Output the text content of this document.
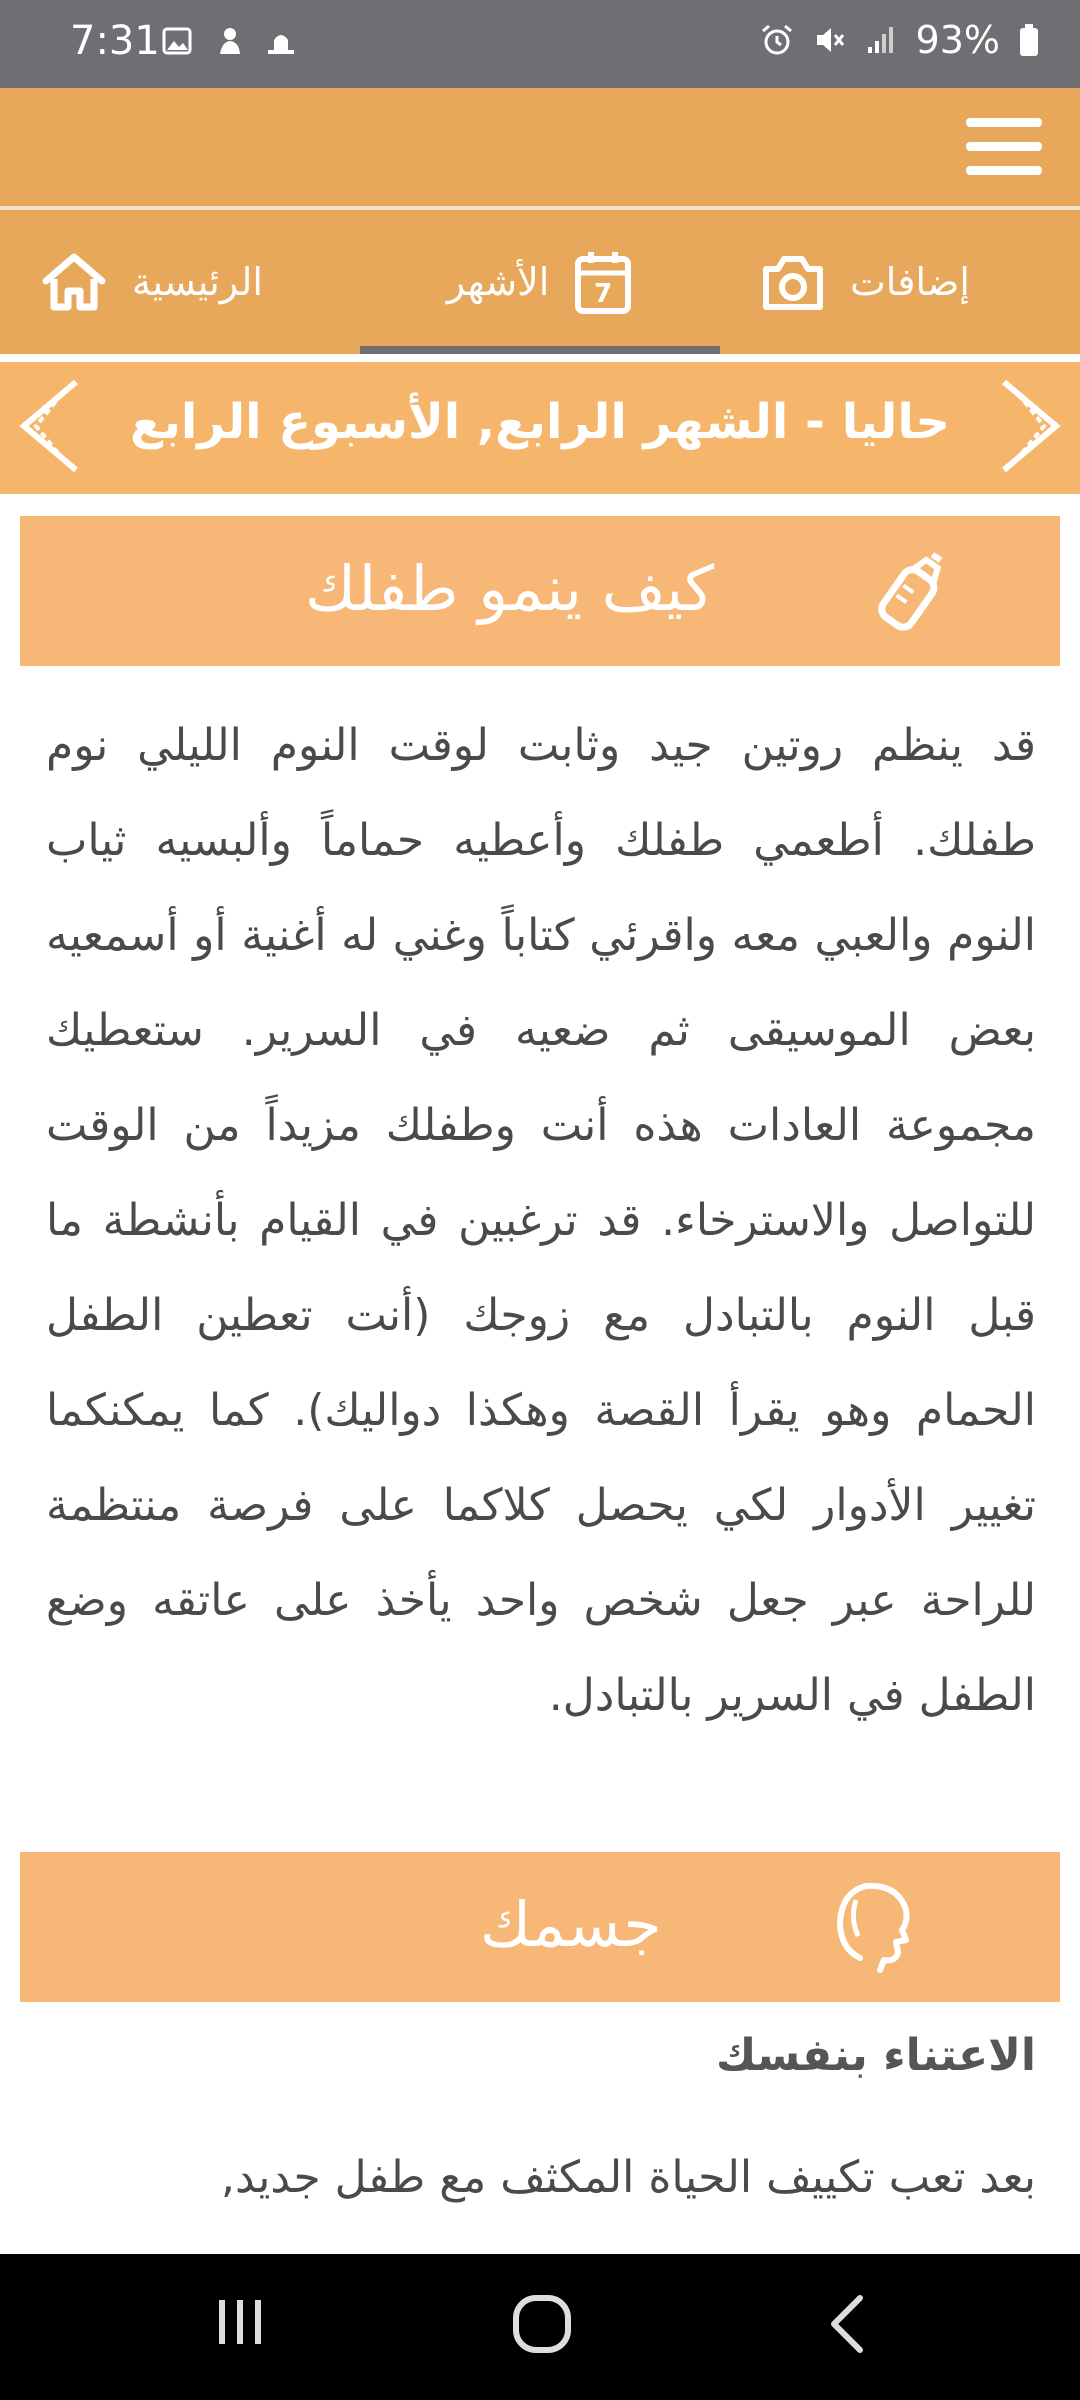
7:31	93%
إضافات
الأشهر 7
الرئيسية
حاليا - الشهر الرابع, الأسبوع الرابع
كيف ينمو طفلك
قد ينظم روتين جيد وثابت لوقت النوم الليلي نوم طفلك. أطعمي طفلك وأعطيه حماماً وألبسيه ثياب النوم والعبي معه واقرئي كتاباً وغني له أغنية أو أسمعيه بعض الموسيقى ثم ضعيه في السرير. ستعطيك مجموعة العادات هذه أنت وطفلك مزيداً من الوقت للتواصل والاسترخاء. قد ترغبين في القيام بأنشطة ما قبل النوم بالتبادل مع زوجك (أنت تعطين الطفل الحمام وهو يقرأ القصة وهكذا دواليك). كما يمكنكما تغيير الأدوار لكي يحصل كلاكما على فرصة منتظمة للراحة عبر جعل شخص واحد يأخذ على عاتقه وضع الطفل في السرير بالتبادل.
جسمك
الاعتناء بنفسك
بعد تعب تكييف الحياة المكثف مع طفل جديد,
